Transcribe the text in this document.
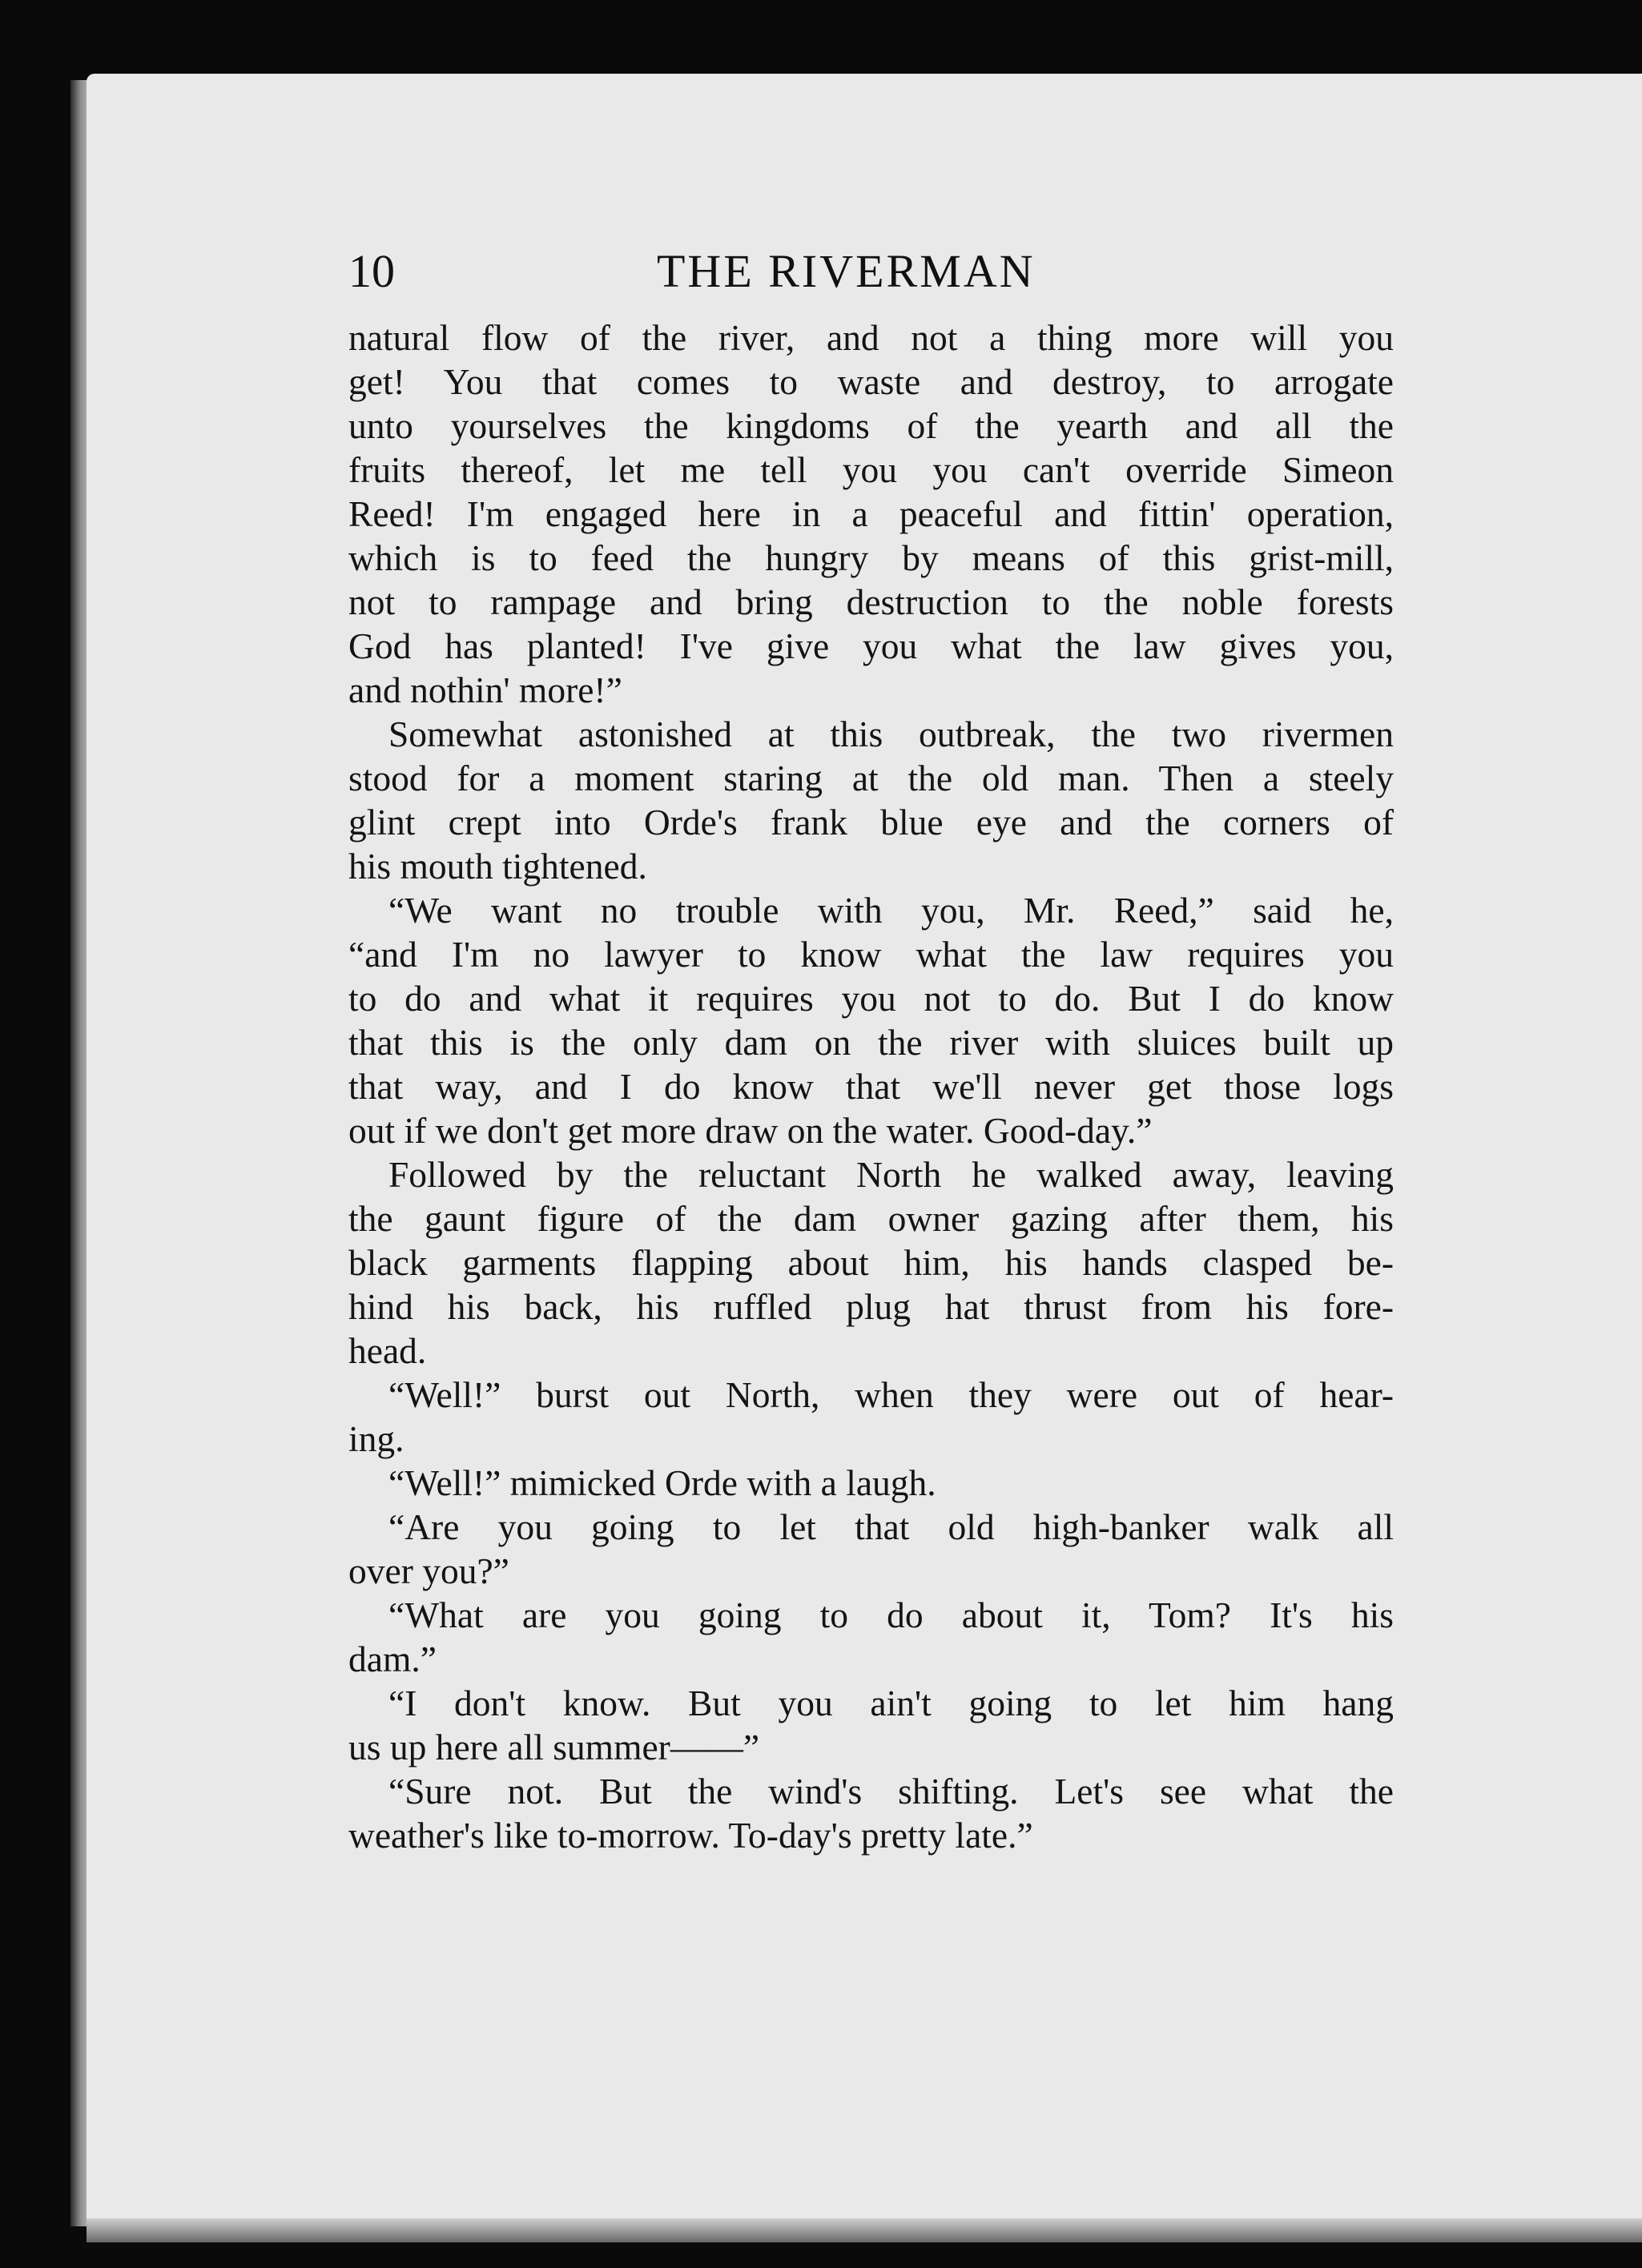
10	THE RIVERMAN
natural flow of the river, and not a thing more will you
get! You that comes to waste and destroy, to arrogate
unto yourselves the kingdoms of the yearth and all the
fruits thereof, let me tell you you can't override Simeon
Reed! I'm engaged here in a peaceful and fittin' operation,
which is to feed the hungry by means of this grist-mill,
not to rampage and bring destruction to the noble forests
God has planted! I've give you what the law gives you,
and nothin' more!”
Somewhat astonished at this outbreak, the two rivermen
stood for a moment staring at the old man. Then a steely
glint crept into Orde's frank blue eye and the corners of
his mouth tightened.
“We want no trouble with you, Mr. Reed,” said he,
“and I'm no lawyer to know what the law requires you
to do and what it requires you not to do. But I do know
that this is the only dam on the river with sluices built up
that way, and I do know that we'll never get those logs
out if we don't get more draw on the water. Good-day.”
Followed by the reluctant North he walked away, leaving
the gaunt figure of the dam owner gazing after them, his
black garments flapping about him, his hands clasped be-
hind his back, his ruffled plug hat thrust from his fore-
head.
“Well!” burst out North, when they were out of hear-
ing.
“Well!” mimicked Orde with a laugh.
“Are you going to let that old high-banker walk all
over you?”
“What are you going to do about it, Tom? It's his
dam.”
“I don't know. But you ain't going to let him hang
us up here all summer——”
“Sure not. But the wind's shifting. Let's see what the
weather's like to-morrow. To-day's pretty late.”
